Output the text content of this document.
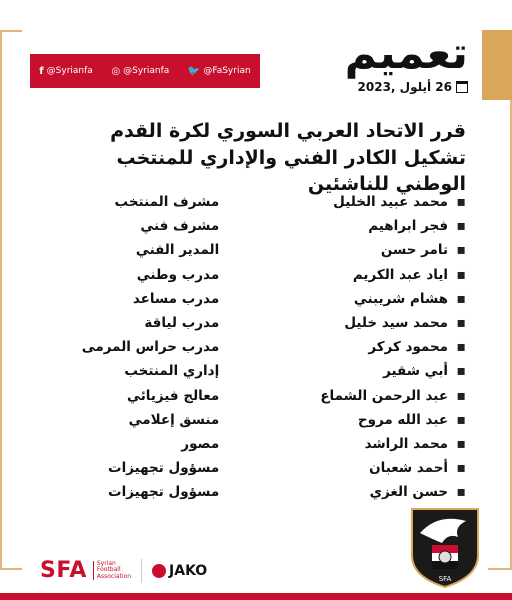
f @Syrianfa ◎ @Syrianfa 🐦 @FaSyrian	تعميم
26 أيلول ,2023
قرر الاتحاد العربي السوري لكرة القدم تشكيل الكادر الفني والإداري للمنتخب الوطني للناشئين
▪
محمد عبيد الخليل
مشرف المنتخب
▪
فجر ابراهيم
مشرف فني
▪
تامر حسن
المدير الفني
▪
اياد عبد الكريم
مدرب وطني
▪
هشام شريبني
مدرب مساعد
▪
محمد سيد خليل
مدرب لياقة
▪
محمود كركر
مدرب حراس المرمى
▪
أبي شقير
إداري المنتخب
▪
عبد الرحمن الشماع
معالج فيزيائي
▪
عبد الله مروح
منسق إعلامي
▪
محمد الراشد
مصور
▪
أحمد شعبان
مسؤول تجهيزات
▪
حسن الغزي
مسؤول تجهيزات
SFA	Syrian
Football
Association	JAKO
SFA
